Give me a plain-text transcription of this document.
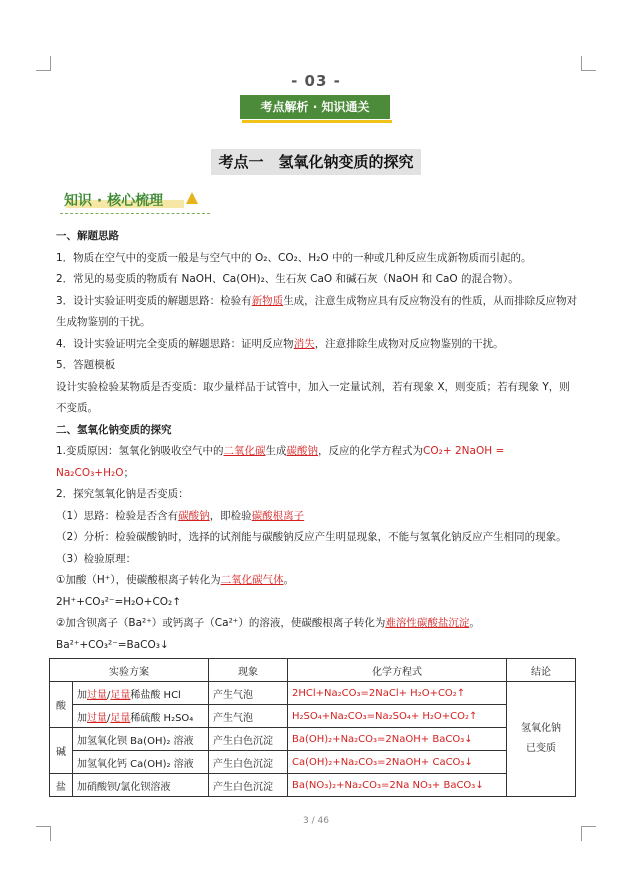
- 03 -
考点解析 · 知识通关
考点一　氢氧化钠变质的探究
知识 · 核心梳理

一、解题思路

1．物质在空气中的变质一般是与空气中的 O₂、CO₂、H₂O 中的一种或几种反应生成新物质而引起的。

2．常见的易变质的物质有 NaOH、Ca(OH)₂、生石灰 CaO 和碱石灰（NaOH 和 CaO 的混合物）。

3．设计实验证明变质的解题思路：检验有新物质生成，注意生成物应具有反应物没有的性质，从而排除反应物对生成物鉴别的干扰。

4．设计实验证明完全变质的解题思路：证明反应物消失，注意排除生成物对反应物鉴别的干扰。

5．答题模板

设计实验检验某物质是否变质：取少量样品于试管中，加入一定量试剂，若有现象 X，则变质；若有现象 Y，则不变质。

二、氢氧化钠变质的探究

1.变质原因：氢氧化钠吸收空气中的二氧化碳生成碳酸钠，反应的化学方程式为CO₂+ 2NaOH = Na₂CO₃+H₂O；

2．探究氢氧化钠是否变质：

（1）思路：检验是否含有碳酸钠，即检验碳酸根离子

（2）分析：检验碳酸钠时，选择的试剂能与碳酸钠反应产生明显现象，不能与氢氧化钠反应产生相同的现象。

（3）检验原理：

①加酸（H⁺），使碳酸根离子转化为二氧化碳气体。

2H⁺+CO₃²⁻=H₂O+CO₂↑

②加含钡离子（Ba²⁺）或钙离子（Ca²⁺）的溶液，使碳酸根离子转化为难溶性碳酸盐沉淀。

Ba²⁺+CO₃²⁻=BaCO₃↓

实验方案		现象	化学方程式	结论
酸	加过量/足量稀盐酸 HCl	产生气泡	2HCl+Na₂CO₃=2NaCl+ H₂O+CO₂↑	氢氧化钠已变质

	加过量/足量稀硫酸 H₂SO₄	产生气泡	H₂SO₄+Na₂CO₃=Na₂SO₄+ H₂O+CO₂↑	
碱	加氢氧化钡 Ba(OH)₂ 溶液	产生白色沉淀	Ba(OH)₂+Na₂CO₃=2NaOH+ BaCO₃↓	
	加氢氧化钙 Ca(OH)₂ 溶液	产生白色沉淀	Ca(OH)₂+Na₂CO₃=2NaOH+ CaCO₃↓	
盐	加硝酸钡/氯化钡溶液	产生白色沉淀	Ba(NO₃)₂+Na₂CO₃=2Na NO₃+ BaCO₃↓	
3 / 46
